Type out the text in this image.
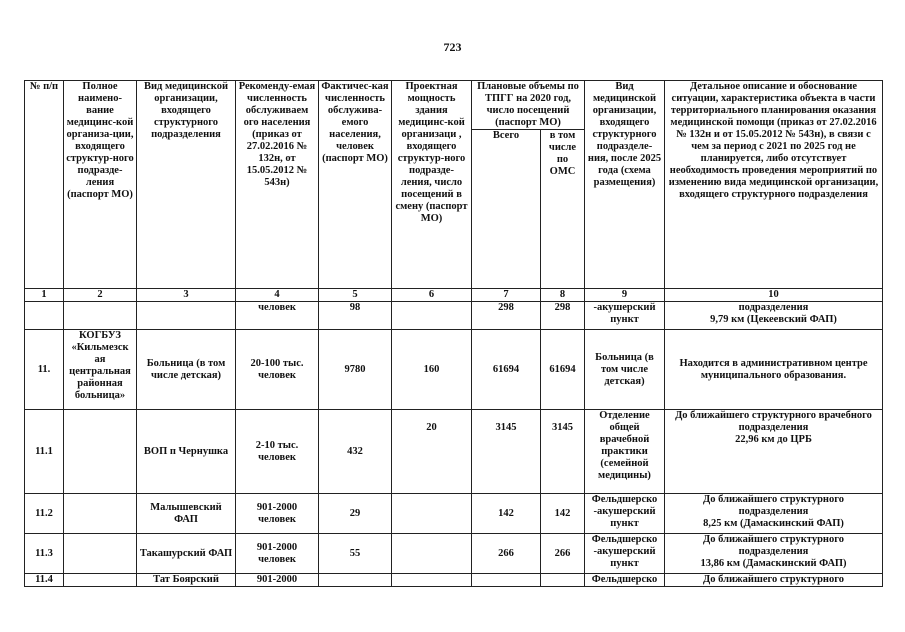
723
№ п/п	Полное наимено-вание медицинс-кой организа-ции, входящего структур-ного подразде-ления (паспорт МО)	Вид медицинской организации, входящего структурного подразделения	Рекоменду-емая численность обслуживаем ого населения (приказ от 27.02.2016 № 132н, от 15.05.2012 № 543н)	Фактичес-кая численность обслужива-емого населения, человек (паспорт МО)	Проектная мощность здания медицинс-кой организаци , входящего структур-ного подразде-ления, число посещений в смену (паспорт МО)	Плановые объемы по ТПГГ на 2020 год, число посещений (паспорт МО)		Вид медицинской организации, входящего структурного подразделе-ния, после 2025 года (схема размещения)	Детальное описание и обоснование ситуации, характеристика объекта в части территориального планирования оказания медицинской помощи (приказ от 27.02.2016 № 132н и от 15.05.2012 № 543н), в связи с чем за период с 2021 по 2025 год не планируется, либо отсутствует необходимость проведения мероприятий по изменению вида медицинской организации, входящего структурного подразделения
						Всего	в том числе по ОМС		
1	2	3	4	5	6	7	8	9	10
			человек	98		298	298	-акушерский пункт	подразделения
9,79 км (Цекеевский ФАП)

11.	КОГБУЗ «Кильмезск ая центральная районная больница»	Больница (в том числе детская)	20-100 тыс. человек	9780	160	61694	61694	Больница (в том числе детская)	Находится в административном центре муниципального образования.

11.1		ВОП п Чернушка	2-10 тыс. человек	432	20	3145	3145	Отделение общей врачебной практики (семейной медицины)	До ближайшего структурного врачебного подразделения
22,96 км до ЦРБ

11.2		Малышевский ФАП	901-2000 человек	29		142	142	Фельдшерско -акушерский пункт	До ближайшего структурного подразделения
8,25 км (Дамаскинский ФАП)

11.3		Такашурский ФАП	901-2000 человек	55		266	266	Фельдшерско -акушерский пункт	До ближайшего структурного подразделения
13,86 км (Дамаскинский ФАП)

11.4		Тат Боярский	901-2000					Фельдшерско	До ближайшего структурного
